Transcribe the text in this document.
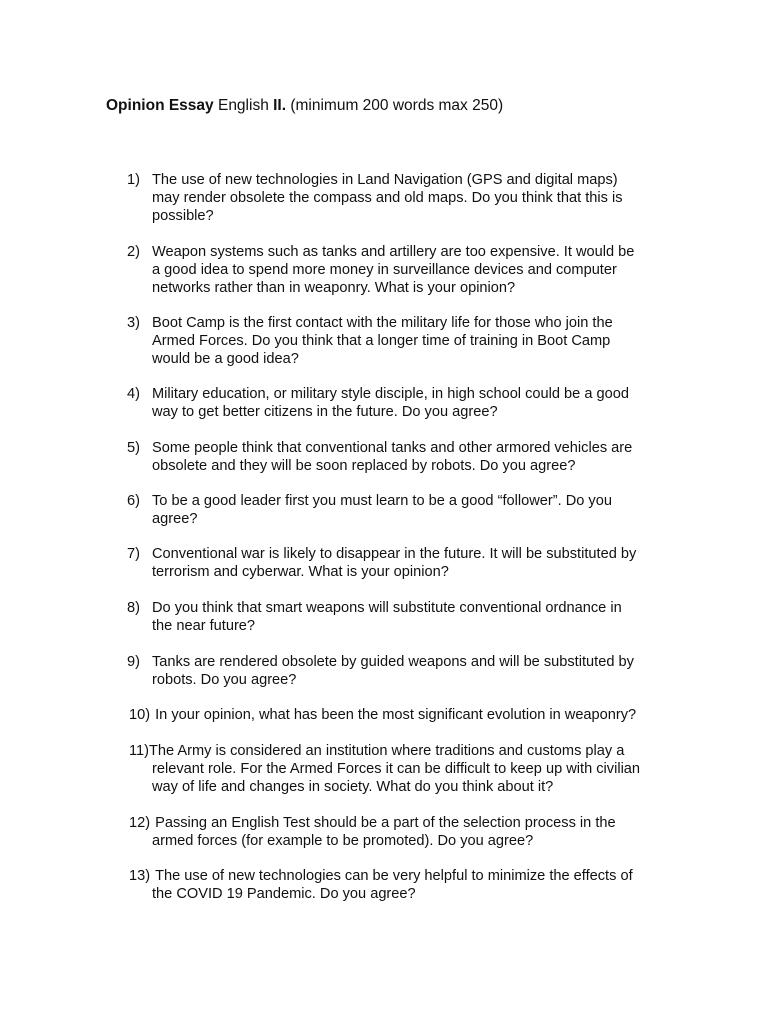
Opinion Essay English II. (minimum 200 words max 250)
1) The use of new technologies in Land Navigation (GPS and digital maps)
may render obsolete the compass and old maps. Do you think that this is
possible?
2) Weapon systems such as tanks and artillery are too expensive. It would be
a good idea to spend more money in surveillance devices and computer
networks rather than in weaponry. What is your opinion?
3) Boot Camp is the first contact with the military life for those who join the
Armed Forces. Do you think that a longer time of training in Boot Camp
would be a good idea?
4) Military education, or military style disciple, in high school could be a good
way to get better citizens in the future. Do you agree?
5) Some people think that conventional tanks and other armored vehicles are
obsolete and they will be soon replaced by robots. Do you agree?
6) To be a good leader first you must learn to be a good “follower”. Do you
agree?
7) Conventional war is likely to disappear in the future. It will be substituted by
terrorism and cyberwar. What is your opinion?
8) Do you think that smart weapons will substitute conventional ordnance in
the near future?
9) Tanks are rendered obsolete by guided weapons and will be substituted by
robots. Do you agree?
10) In your opinion, what has been the most significant evolution in weaponry?
11) The Army is considered an institution where traditions and customs play a
relevant role. For the Armed Forces it can be difficult to keep up with civilian
way of life and changes in society. What do you think about it?
12) Passing an English Test should be a part of the selection process in the
armed forces (for example to be promoted). Do you agree?
13) The use of new technologies can be very helpful to minimize the effects of
the COVID 19 Pandemic. Do you agree?
